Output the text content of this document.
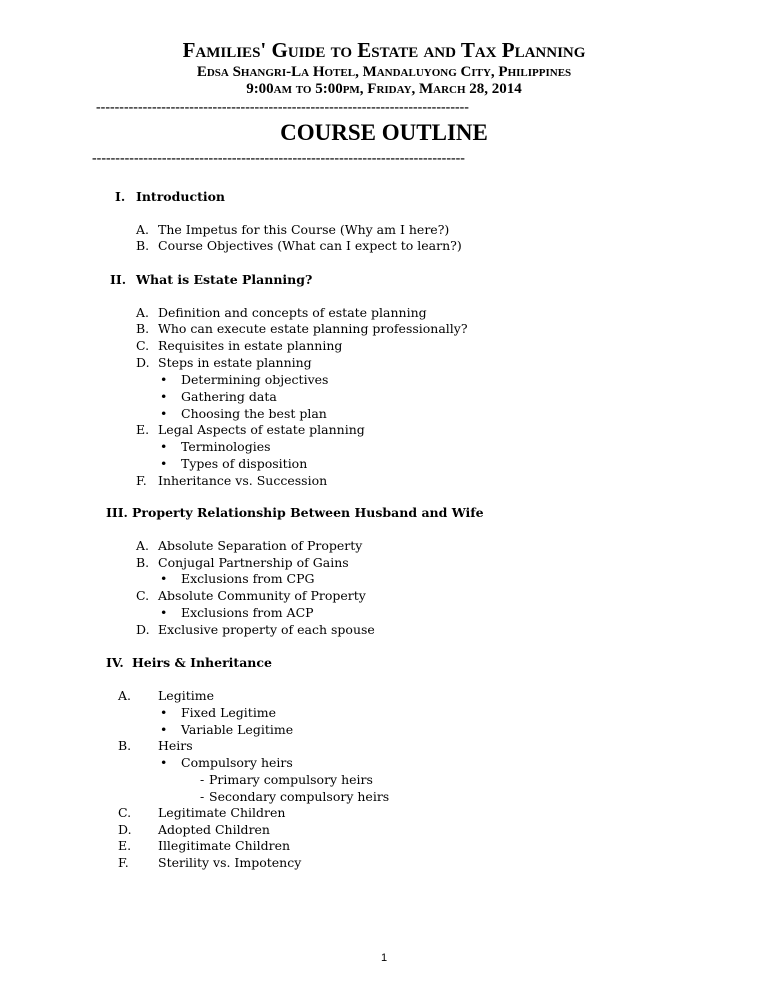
Families' Guide to Estate and Tax Planning
Edsa Shangri-La Hotel, Mandaluyong City, Philippines
9:00am to 5:00pm, Friday, March 28, 2014
--------------------------------------------------------------------------------
COURSE OUTLINE
--------------------------------------------------------------------------------
I. Introduction
A. The Impetus for this Course (Why am I here?)
B. Course Objectives (What can I expect to learn?)
II. What is Estate Planning?
A. Definition and concepts of estate planning
B. Who can execute estate planning professionally?
C. Requisites in estate planning
D. Steps in estate planning
• Determining objectives
• Gathering data
• Choosing the best plan
E. Legal Aspects of estate planning
• Terminologies
• Types of disposition
F. Inheritance vs. Succession
III. Property Relationship Between Husband and Wife
A. Absolute Separation of Property
B. Conjugal Partnership of Gains
• Exclusions from CPG
C. Absolute Community of Property
• Exclusions from ACP
D. Exclusive property of each spouse
IV. Heirs & Inheritance
A. Legitime
• Fixed Legitime
• Variable Legitime
B. Heirs
• Compulsory heirs
- Primary compulsory heirs
- Secondary compulsory heirs
C. Legitimate Children
D. Adopted Children
E. Illegitimate Children
F. Sterility vs. Impotency
1
